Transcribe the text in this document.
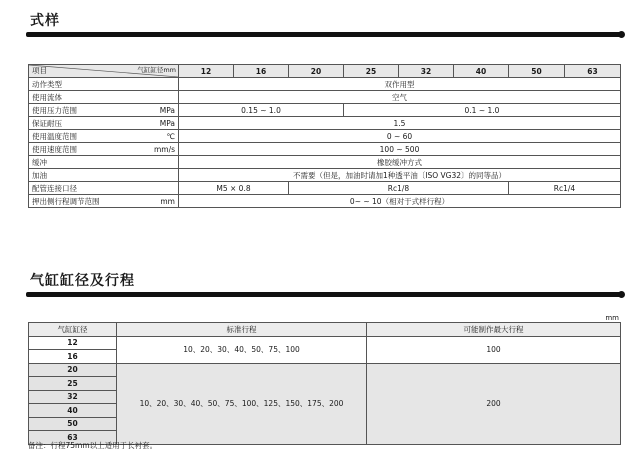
式样
项目 气缸缸径mm		12	16	20	25	32	40	50	63
动作类型		双作用型							
使用流体		空气							
使用压力范围	MPa	0.15 ~ 1.0			0.1 ~ 1.0				
保证耐压	MPa	1.5							
使用温度范围	℃	0 ~ 60							
使用速度范围	mm/s	100 ~ 500							
缓冲		橡胶缓冲方式							
加油		不需要（但是，加油时请加1种透平油〔ISO VG32〕的同等品）							
配管连接口径		M5 × 0.8		Rc1/8				Rc1/4	
押出侧行程调节范围	mm	0~ ~ 10（相对于式样行程）							
气缸缸径及行程
mm
气缸缸径	标准行程	可能制作最大行程
12	10、20、30、40、50、75、100	100
16		
20	10、20、30、40、50、75、100、125、150、175、200	200
25		
32		
40		
50		
63		
备注：行程75mm以上适用于长衬套。
